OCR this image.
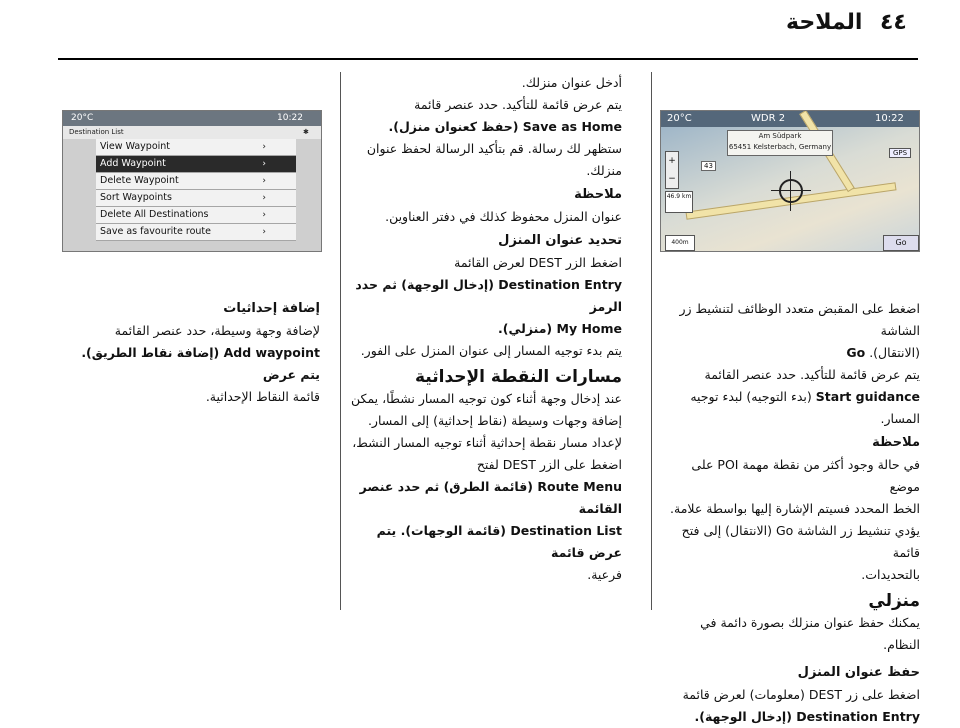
٤٤
الملاحة
20°C	WDR 2	10:22
Am Südpark
65451 Kelsterbach, Germany
+
−
GPS
46.9 km
43
400m	Go
20°C	10:22
Destination List	✱
View Waypoint	›
Add Waypoint	›
Delete Waypoint	›
Sort Waypoints	›
Delete All Destinations	›
Save as favourite route	›

اضغط على المقبض متعدد الوظائف لتنشيط زر الشاشة

(الانتقال). Go

يتم عرض قائمة للتأكيد. حدد عنصر القائمة

Start guidance (بدء التوجيه) لبدء توجيه المسار.

ملاحظة

في حالة وجود أكثر من نقطة مهمة POI على موضع

الخط المحدد فسيتم الإشارة إليها بواسطة علامة.

يؤدي تنشيط زر الشاشة Go (الانتقال) إلى فتح قائمة

بالتحديدات.

منزلي

يمكنك حفظ عنوان منزلك بصورة دائمة في النظام.

حفظ عنوان المنزل

اضغط على زر DEST (معلومات) لعرض قائمة

Destination Entry (إدخال الوجهة).

أدخل عنوان منزلك.

يتم عرض قائمة للتأكيد. حدد عنصر قائمة

Save as Home (حفظ كعنوان منزل).

ستظهر لك رسالة. قم بتأكيد الرسالة لحفظ عنوان منزلك.

ملاحظة

عنوان المنزل محفوظ كذلك في دفتر العناوين.

تحديد عنوان المنزل

اضغط الزر DEST لعرض القائمة

Destination Entry (إدخال الوجهة) ثم حدد الرمز

My Home (منزلي).

يتم بدء توجيه المسار إلى عنوان المنزل على الفور.

مسارات النقطة الإحداثية

عند إدخال وجهة أثناء كون توجيه المسار نشطًا، يمكن

إضافة وجهات وسيطة (نقاط إحداثية) إلى المسار.

لإعداد مسار نقطة إحداثية أثناء توجيه المسار النشط،

اضغط على الزر DEST لفتح

Route Menu (قائمة الطرق) ثم حدد عنصر القائمة

Destination List (قائمة الوجهات). يتم عرض قائمة

فرعية.

إضافة إحداثيات

لإضافة وجهة وسيطة، حدد عنصر القائمة

Add waypoint (إضافة نقاط الطريق). يتم عرض

قائمة النقاط الإحداثية.
